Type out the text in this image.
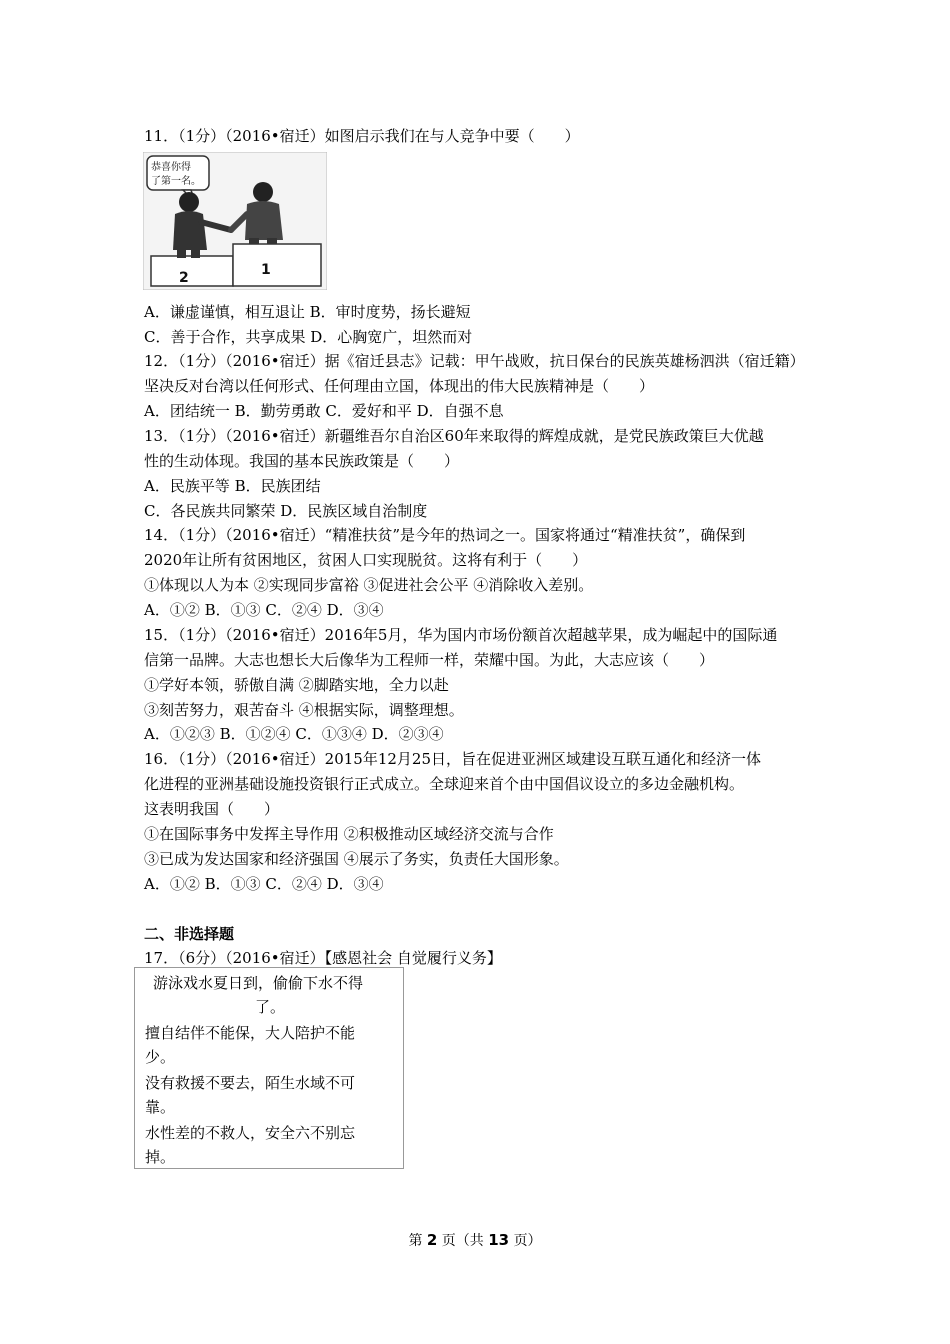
11．（1分）（2016•宿迁）如图启示我们在与人竞争中要（　　）
恭喜你得
了第一名。
2	1
A．谦虚谨慎，相互退让 B．审时度势，扬长避短
C．善于合作，共享成果 D．心胸宽广，坦然而对
12．（1分）（2016•宿迁）据《宿迁县志》记载：甲午战败，抗日保台的民族英雄杨泗洪（宿迁籍）
坚决反对台湾以任何形式、任何理由立国，体现出的伟大民族精神是（　　）
A．团结统一 B．勤劳勇敢 C．爱好和平 D．自强不息
13．（1分）（2016•宿迁）新疆维吾尔自治区60年来取得的辉煌成就，是党民族政策巨大优越
性的生动体现。我国的基本民族政策是（　　）
A．民族平等 B．民族团结
C．各民族共同繁荣 D．民族区域自治制度
14．（1分）（2016•宿迁）“精准扶贫”是今年的热词之一。国家将通过“精准扶贫”，确保到
2020年让所有贫困地区，贫困人口实现脱贫。这将有利于（　　）
①体现以人为本 ②实现同步富裕 ③促进社会公平 ④消除收入差别。
A．①② B．①③ C．②④ D．③④
15．（1分）（2016•宿迁）2016年5月，华为国内市场份额首次超越苹果，成为崛起中的国际通
信第一品牌。大志也想长大后像华为工程师一样，荣耀中国。为此，大志应该（　　）
①学好本领，骄傲自满 ②脚踏实地，全力以赴
③刻苦努力，艰苦奋斗 ④根据实际，调整理想。
A．①②③ B．①②④ C．①③④ D．②③④
16．（1分）（2016•宿迁）2015年12月25日，旨在促进亚洲区域建设互联互通化和经济一体
化进程的亚洲基础设施投资银行正式成立。全球迎来首个由中国倡议设立的多边金融机构。
这表明我国（　　）
①在国际事务中发挥主导作用 ②积极推动区域经济交流与合作
③已成为发达国家和经济强国 ④展示了务实，负责任大国形象。
A．①② B．①③ C．②④ D．③④
二、非选择题
17．（6分）（2016•宿迁）【感恩社会 自觉履行义务】
游泳戏水夏日到，偷偷下水不得
了。
擅自结伴不能保，大人陪护不能
少。
没有救援不要去，陌生水域不可
靠。
水性差的不救人，安全六不别忘
掉。
第 2 页（共 13 页）
